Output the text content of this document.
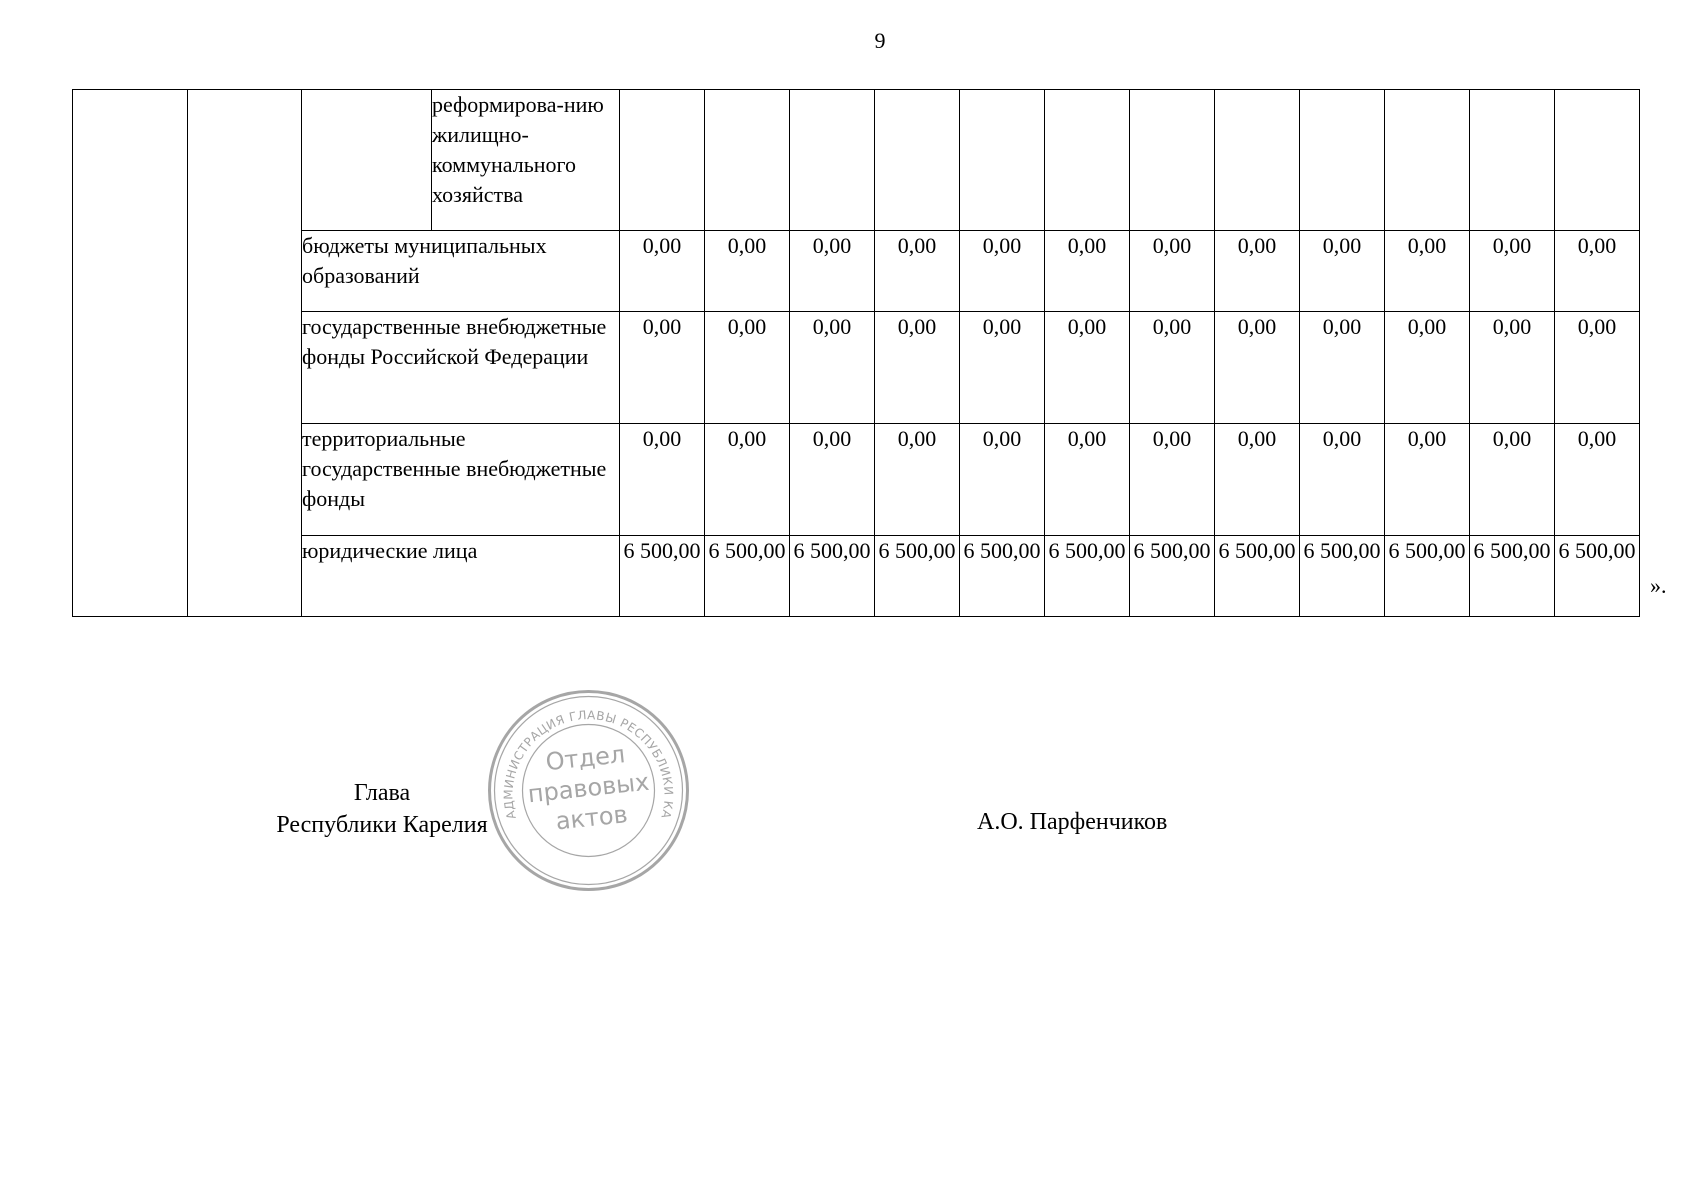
9
			реформирова-нию жилищно-коммунального хозяйства												
		бюджеты муниципальных образований		0,00	0,00	0,00	0,00	0,00	0,00	0,00	0,00	0,00	0,00	0,00	0,00
		государственные внебюджетные фонды Российской Федерации		0,00	0,00	0,00	0,00	0,00	0,00	0,00	0,00	0,00	0,00	0,00	0,00
		территориальные государственные внебюджетные фонды		0,00	0,00	0,00	0,00	0,00	0,00	0,00	0,00	0,00	0,00	0,00	0,00
		юридические лица		6 500,00	6 500,00	6 500,00	6 500,00	6 500,00	6 500,00	6 500,00	6 500,00	6 500,00	6 500,00	6 500,00	6 500,00
».
Глава
Республики Карелия	АДМИНИСТРАЦИЯ ГЛАВЫ РЕСПУБЛИКИ КА
Отдел
правовых
актов	А.О. Парфенчиков
